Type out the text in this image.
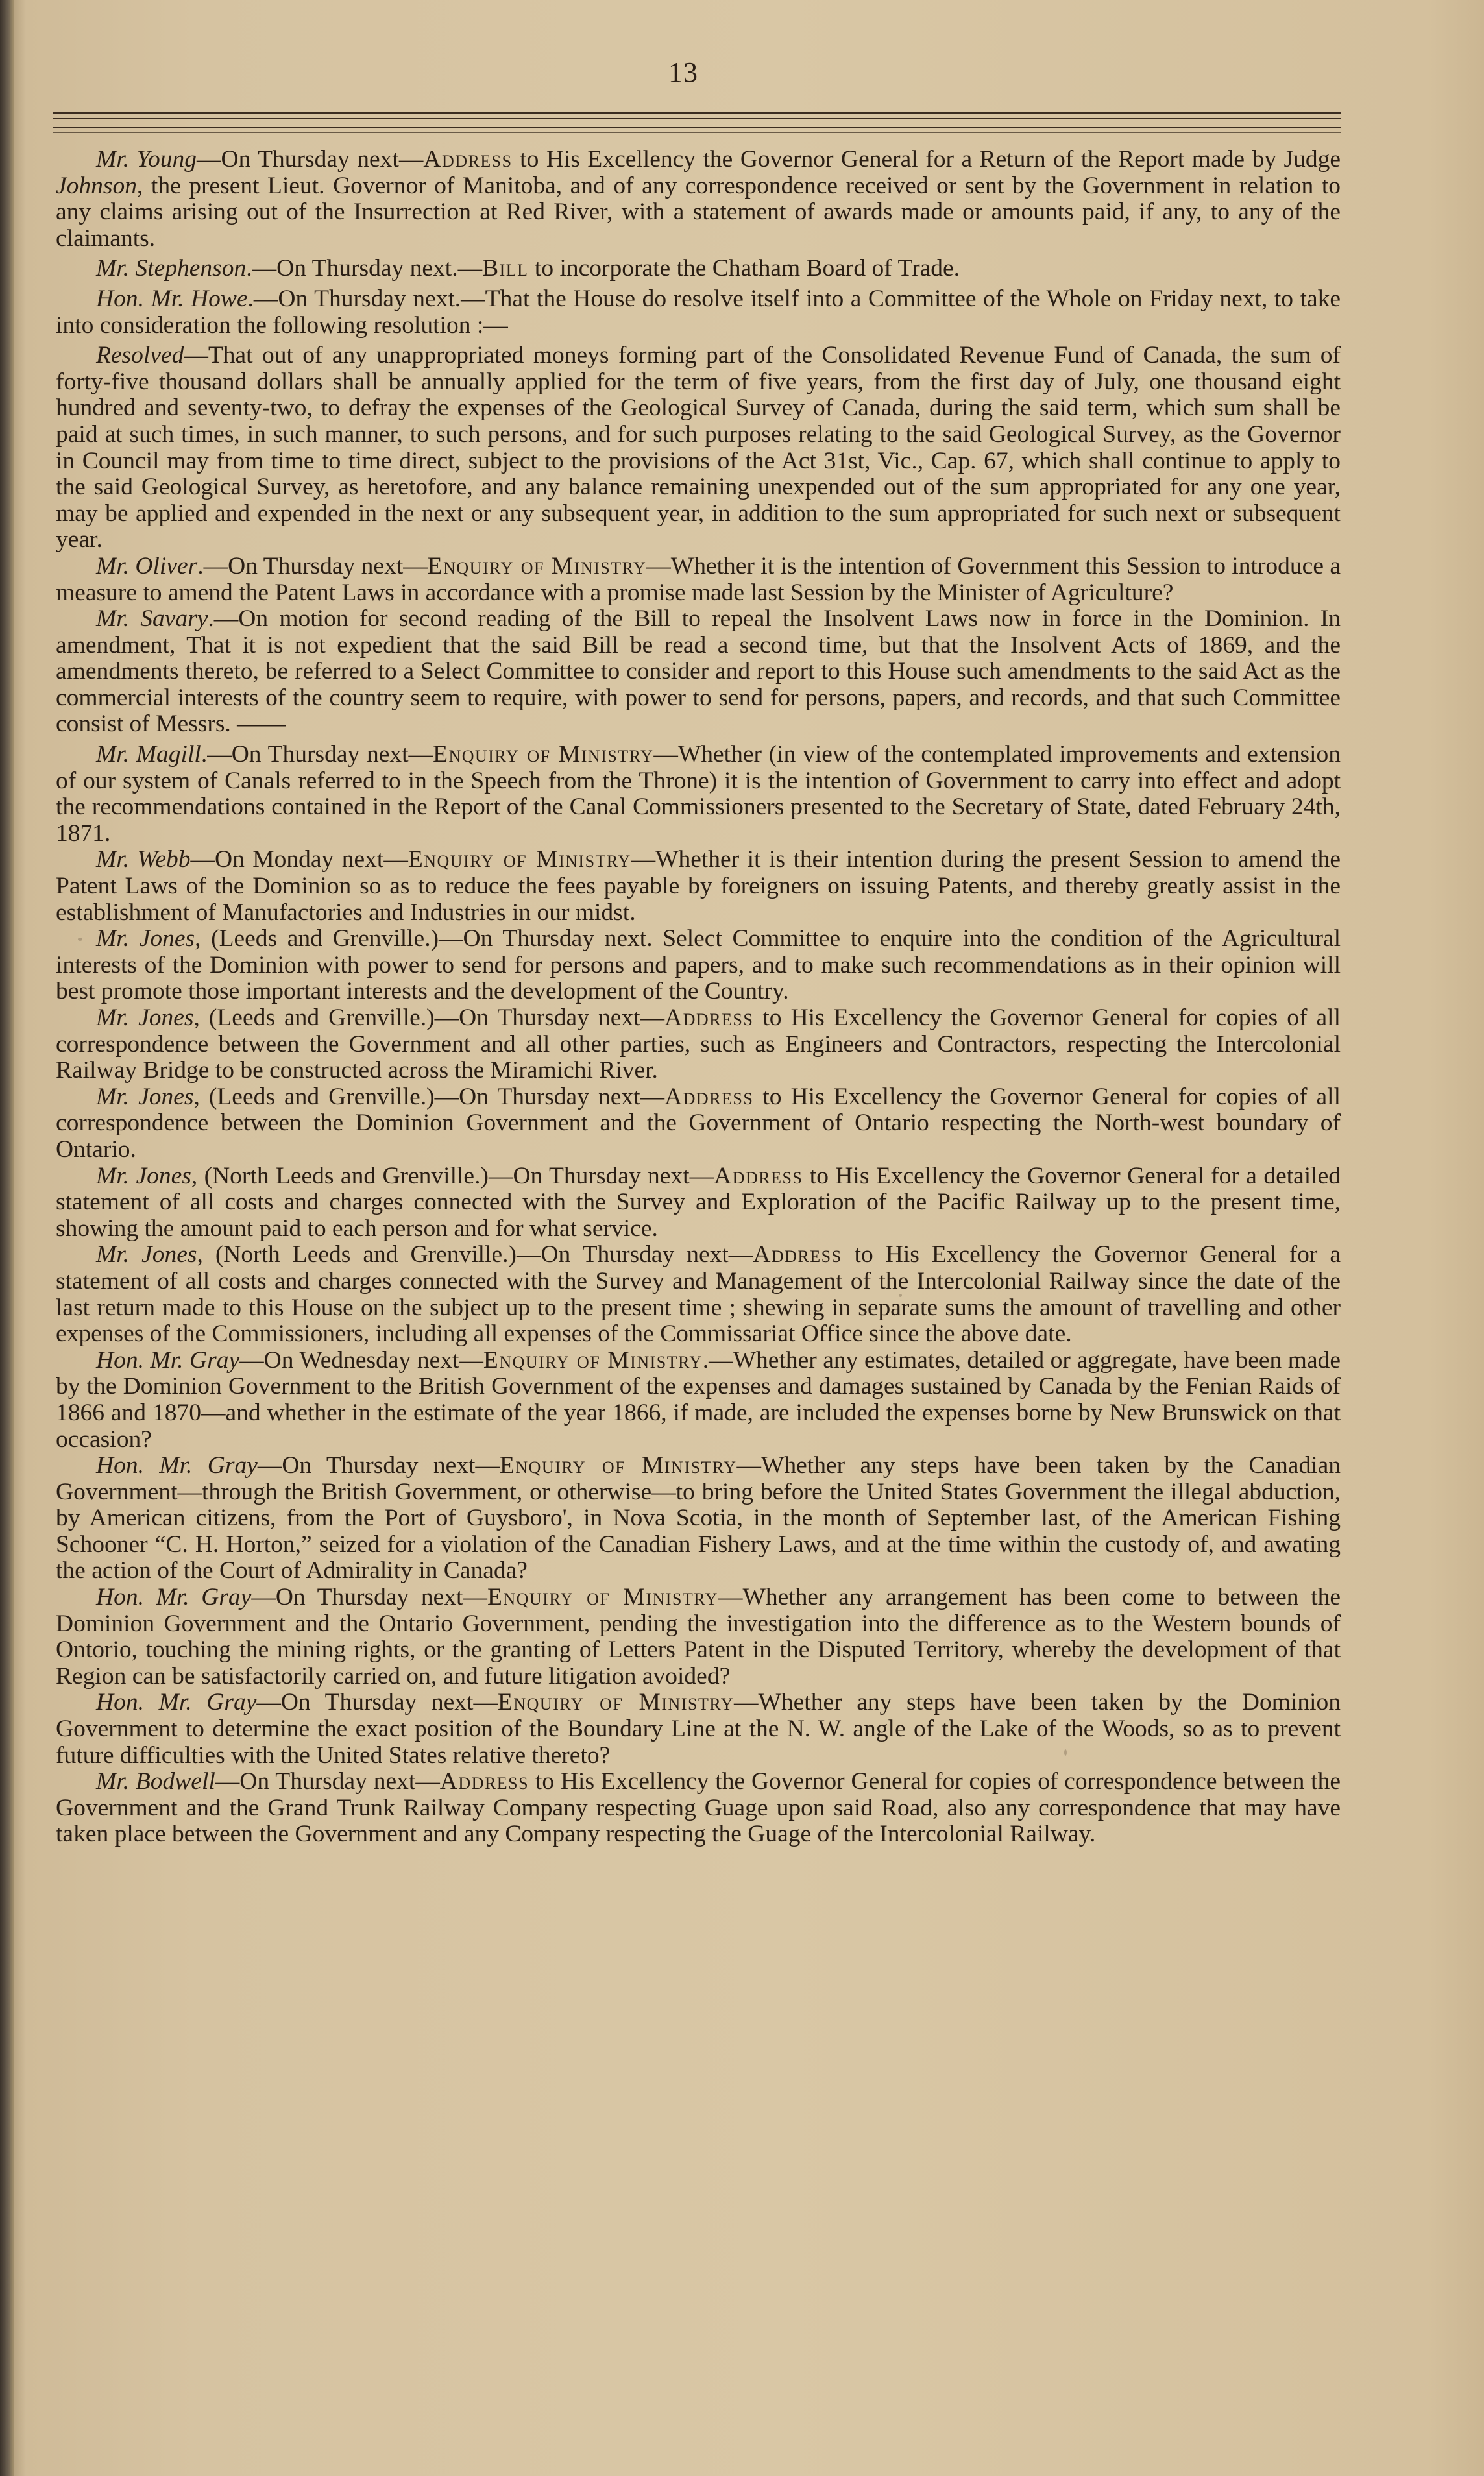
13

Mr. Young—On Thursday next—Address to His Excellency the Governor General for a Return of the Report made by Judge Johnson, the present Lieut. Governor of Manitoba, and of any correspondence received or sent by the Government in relation to any claims arising out of the Insurrection at Red River, with a statement of awards made or amounts paid, if any, to any of the claimants.

Mr. Stephenson.—On Thursday next.—Bill to incorporate the Chatham Board of Trade.

Hon. Mr. Howe.—On Thursday next.—That the House do resolve itself into a Committee of the Whole on Friday next, to take into consideration the following resolution :—

Resolved—That out of any unappropriated moneys forming part of the Consolidated Revenue Fund of Canada, the sum of forty-five thousand dollars shall be annually applied for the term of five years, from the first day of July, one thousand eight hundred and seventy-two, to defray the expenses of the Geological Survey of Canada, during the said term, which sum shall be paid at such times, in such manner, to such persons, and for such purposes relating to the said Geological Survey, as the Governor in Council may from time to time direct, subject to the provisions of the Act 31st, Vic., Cap. 67, which shall continue to apply to the said Geological Survey, as heretofore, and any balance remaining unexpended out of the sum appropriated for any one year, may be applied and expended in the next or any subsequent year, in addition to the sum appropriated for such next or subsequent year.

Mr. Oliver.—On Thursday next—Enquiry of Ministry—Whether it is the intention of Government this Session to introduce a measure to amend the Patent Laws in accordance with a promise made last Session by the Minister of Agriculture?

Mr. Savary.—On motion for second reading of the Bill to repeal the Insolvent Laws now in force in the Dominion. In amendment, That it is not expedient that the said Bill be read a second time, but that the Insolvent Acts of 1869, and the amendments thereto, be referred to a Select Committee to consider and report to this House such amendments to the said Act as the commercial interests of the country seem to require, with power to send for persons, papers, and records, and that such Committee consist of Messrs. ——

Mr. Magill.—On Thursday next—Enquiry of Ministry—Whether (in view of the contemplated improvements and extension of our system of Canals referred to in the Speech from the Throne) it is the intention of Government to carry into effect and adopt the recommendations contained in the Report of the Canal Commissioners presented to the Secretary of State, dated February 24th, 1871.

Mr. Webb—On Monday next—Enquiry of Ministry—Whether it is their intention during the present Session to amend the Patent Laws of the Dominion so as to reduce the fees payable by foreigners on issuing Patents, and thereby greatly assist in the establishment of Manufactories and Industries in our midst.

Mr. Jones, (Leeds and Grenville.)—On Thursday next. Select Committee to enquire into the condition of the Agricultural interests of the Dominion with power to send for persons and papers, and to make such recommendations as in their opinion will best promote those important interests and the development of the Country.

Mr. Jones, (Leeds and Grenville.)—On Thursday next—Address to His Excellency the Governor General for copies of all correspondence between the Government and all other parties, such as Engineers and Contractors, respecting the Intercolonial Railway Bridge to be constructed across the Miramichi River.

Mr. Jones, (Leeds and Grenville.)—On Thursday next—Address to His Excellency the Governor General for copies of all correspondence between the Dominion Government and the Government of Ontario respecting the North-west boundary of Ontario.

Mr. Jones, (North Leeds and Grenville.)—On Thursday next—Address to His Excellency the Governor General for a detailed statement of all costs and charges connected with the Survey and Exploration of the Pacific Railway up to the present time, showing the amount paid to each person and for what service.

Mr. Jones, (North Leeds and Grenville.)—On Thursday next—Address to His Excellency the Governor General for a statement of all costs and charges connected with the Survey and Management of the Intercolonial Railway since the date of the last return made to this House on the subject up to the present time ; shewing in separate sums the amount of travelling and other expenses of the Commissioners, including all expenses of the Commissariat Office since the above date.

Hon. Mr. Gray—On Wednesday next—Enquiry of Ministry.—Whether any estimates, detailed or aggregate, have been made by the Dominion Government to the British Government of the expenses and damages sustained by Canada by the Fenian Raids of 1866 and 1870—and whether in the estimate of the year 1866, if made, are included the expenses borne by New Brunswick on that occasion?

Hon. Mr. Gray—On Thursday next—Enquiry of Ministry—Whether any steps have been taken by the Canadian Government—through the British Government, or otherwise—to bring before the United States Government the illegal abduction, by American citizens, from the Port of Guysboro', in Nova Scotia, in the month of September last, of the American Fishing Schooner “C. H. Horton,” seized for a violation of the Canadian Fishery Laws, and at the time within the custody of, and awating the action of the Court of Admirality in Canada?

Hon. Mr. Gray—On Thursday next—Enquiry of Ministry—Whether any arrangement has been come to between the Dominion Government and the Ontario Government, pending the investigation into the difference as to the Western bounds of Ontorio, touching the mining rights, or the granting of Letters Patent in the Disputed Territory, whereby the development of that Region can be satisfactorily carried on, and future litigation avoided?

Hon. Mr. Gray—On Thursday next—Enquiry of Ministry—Whether any steps have been taken by the Dominion Government to determine the exact position of the Boundary Line at the N. W. angle of the Lake of the Woods, so as to prevent future difficulties with the United States relative thereto?

Mr. Bodwell—On Thursday next—Address to His Excellency the Governor General for copies of correspondence between the Government and the Grand Trunk Railway Company respecting Guage upon said Road, also any correspondence that may have taken place between the Government and any Company respecting the Guage of the Intercolonial Railway.
